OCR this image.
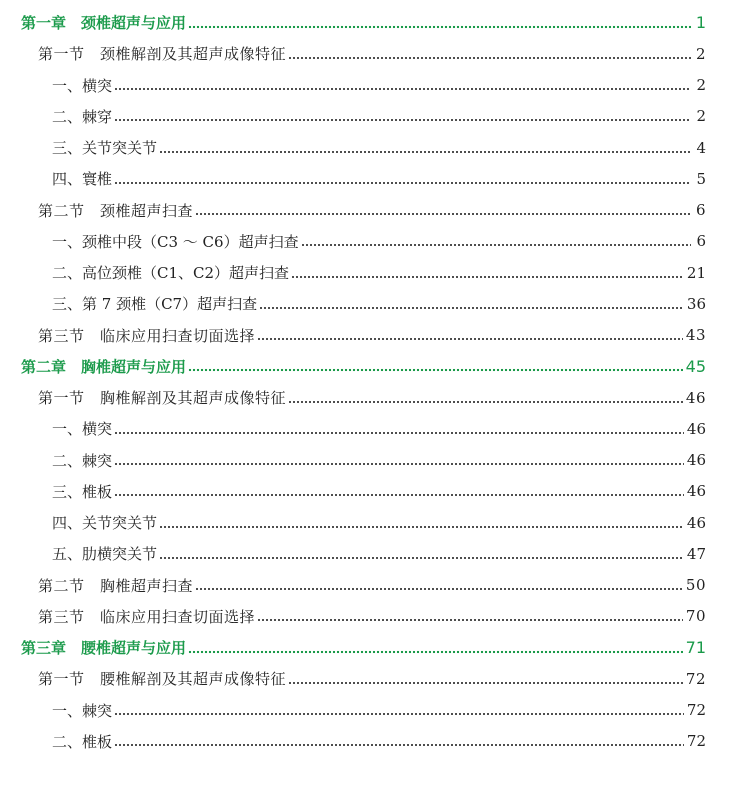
第一章　颈椎超声与应用	1
第一节　颈椎解剖及其超声成像特征	2
一、横突	2
二、棘穿	2
三、关节突关节	4
四、寰椎	5
第二节　颈椎超声扫查	6
一、颈椎中段（C3 ～ C6）超声扫查	6
二、高位颈椎（C1、C2）超声扫查	21
三、第 7 颈椎（C7）超声扫查	36
第三节　临床应用扫查切面选择	43
第二章　胸椎超声与应用	45
第一节　胸椎解剖及其超声成像特征	46
一、横突	46
二、棘突	46
三、椎板	46
四、关节突关节	46
五、肋横突关节	47
第二节　胸椎超声扫查	50
第三节　临床应用扫查切面选择	70
第三章　腰椎超声与应用	71
第一节　腰椎解剖及其超声成像特征	72
一、棘突	72
二、椎板	72
